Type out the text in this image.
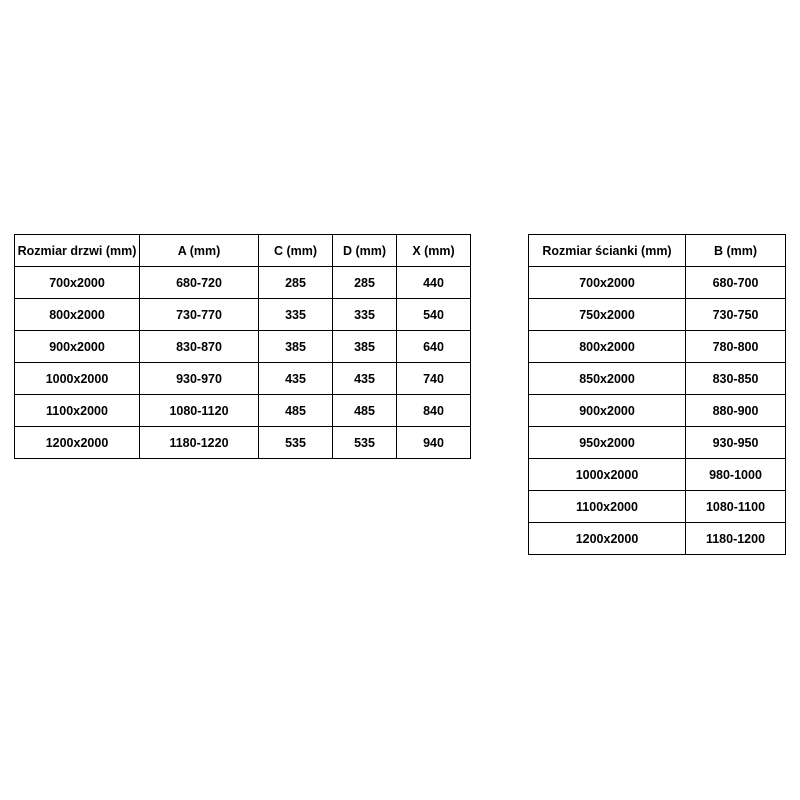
Rozmiar drzwi (mm)	A (mm)	C (mm)	D (mm)	X (mm)
700x2000	680-720	285	285	440
800x2000	730-770	335	335	540
900x2000	830-870	385	385	640
1000x2000	930-970	435	435	740
1100x2000	1080-1120	485	485	840
1200x2000	1180-1220	535	535	940
Rozmiar ścianki (mm)	B (mm)
700x2000	680-700
750x2000	730-750
800x2000	780-800
850x2000	830-850
900x2000	880-900
950x2000	930-950
1000x2000	980-1000
1100x2000	1080-1100
1200x2000	1180-1200
